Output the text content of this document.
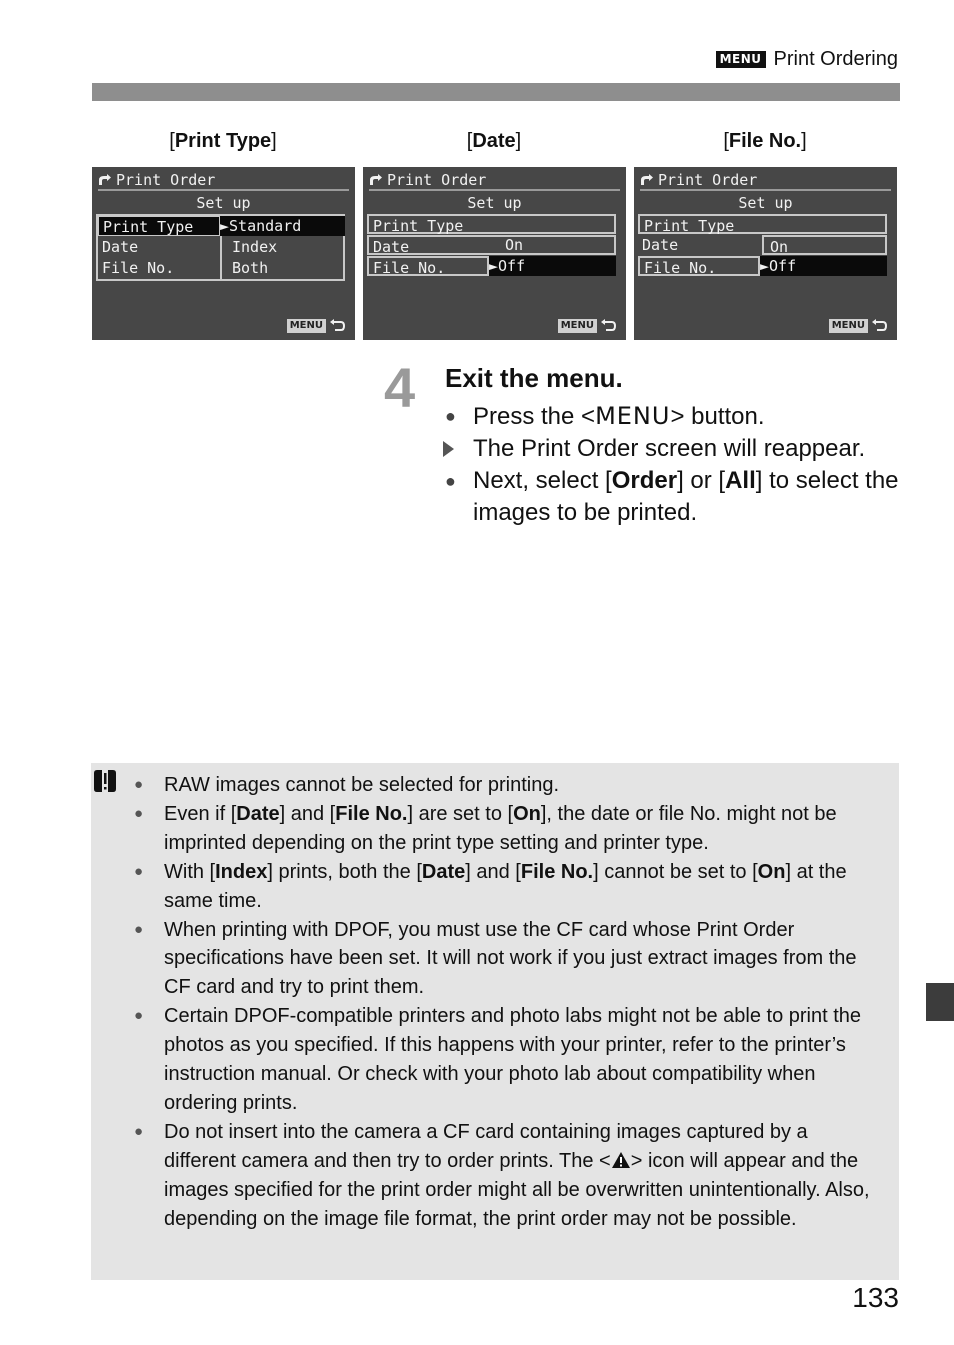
MENU Print Ordering
[Print Type]	[Date]	[File No.]
Print Order
Set up
Print Type
Date
File No.
►Standard
Index
Both
MENU
Print Order
Set up
Print Type
Date
File No.
On
►Off
MENU
Print Order
Set up
Print Type
Date
File No.
On
►Off
MENU
4 Exit the menu.
● Press the <MENU> button.
The Print Order screen will reappear.
● Next, select [Order] or [All] to select the images to be printed.
● RAW images cannot be selected for printing.
● Even if [Date] and [File No.] are set to [On], the date or file No. might not be imprinted depending on the print type setting and printer type.
● With [Index] prints, both the [Date] and [File No.] cannot be set to [On] at the same time.
● When printing with DPOF, you must use the CF card whose Print Order specifications have been set. It will not work if you just extract images from the CF card and try to print them.
● Certain DPOF-compatible printers and photo labs might not be able to print the photos as you specified. If this happens with your printer, refer to the printer’s instruction manual. Or check with your photo lab about compatibility when ordering prints.
● Do not insert into the camera a CF card containing images captured by a different camera and then try to order prints. The < > icon will appear and the images specified for the print order might all be overwritten unintentionally. Also, depending on the image file format, the print order may not be possible.
133
